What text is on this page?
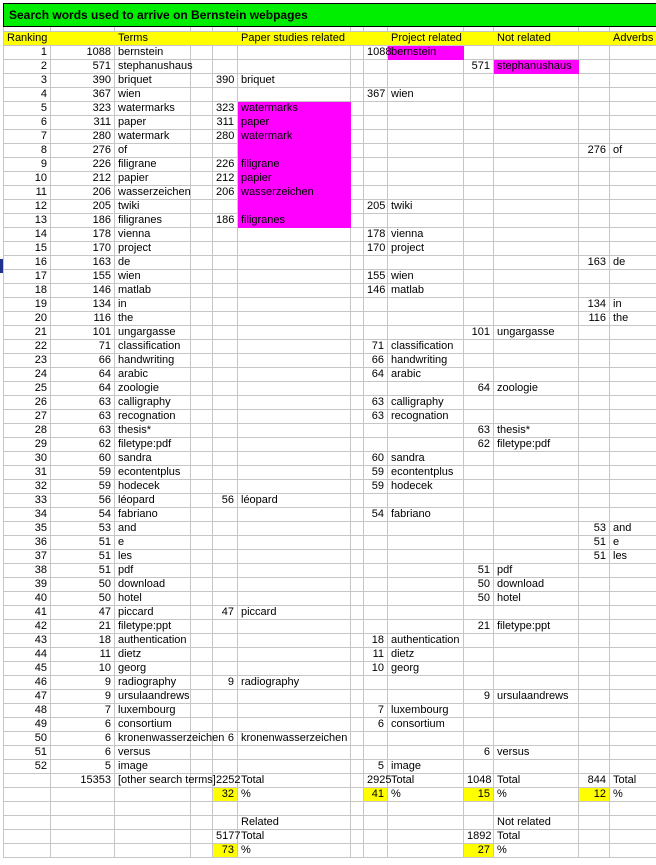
Search words used to arrive on Bernstein webpages												

Ranking		Terms			Paper studies related			Project related		Not related		Adverbs
1	1088	bernstein					1088	bernstein				
2	571	stephanushaus							571	stephanushaus		
3	390	briquet		390	briquet							
4	367	wien					367	wien				
5	323	watermarks		323	watermarks							
6	311	paper		311	paper							
7	280	watermark		280	watermark							
8	276	of									276	of
9	226	filigrane		226	filigrane							
10	212	papier		212	papier							
11	206	wasserzeichen		206	wasserzeichen							
12	205	twiki					205	twiki				
13	186	filigranes		186	filigranes							
14	178	vienna					178	vienna				
15	170	project					170	project				
16	163	de									163	de
17	155	wien					155	wien				
18	146	matlab					146	matlab				
19	134	in									134	in
20	116	the									116	the
21	101	ungargasse							101	ungargasse		
22	71	classification					71	classification				
23	66	handwriting					66	handwriting				
24	64	arabic					64	arabic				
25	64	zoologie							64	zoologie		
26	63	calligraphy					63	calligraphy				
27	63	recognation					63	recognation				
28	63	thesis*							63	thesis*		
29	62	filetype:pdf							62	filetype:pdf		
30	60	sandra					60	sandra				
31	59	econtentplus					59	econtentplus				
32	59	hodecek					59	hodecek				
33	56	léopard		56	léopard							
34	54	fabriano					54	fabriano				
35	53	and									53	and
36	51	e									51	e
37	51	les									51	les
38	51	pdf							51	pdf		
39	50	download							50	download		
40	50	hotel							50	hotel		
41	47	piccard		47	piccard							
42	21	filetype:ppt							21	filetype:ppt		
43	18	authentication					18	authentication				
44	11	dietz					11	dietz				
45	10	georg					10	georg				
46	9	radiography		9	radiography							
47	9	ursulaandrews							9	ursulaandrews		
48	7	luxembourg					7	luxembourg				
49	6	consortium					6	consortium				
50	6	kronenwasserzeichen		6	kronenwasserzeichen							
51	6	versus							6	versus		
52	5	image					5	image				
	15353	[other search terms]		2252	Total		2925	Total	1048	Total	844	Total
				32	%		41	%	15	%	12	%

					Related					Not related		
				5177	Total				1892	Total		
				73	%				27	%		
